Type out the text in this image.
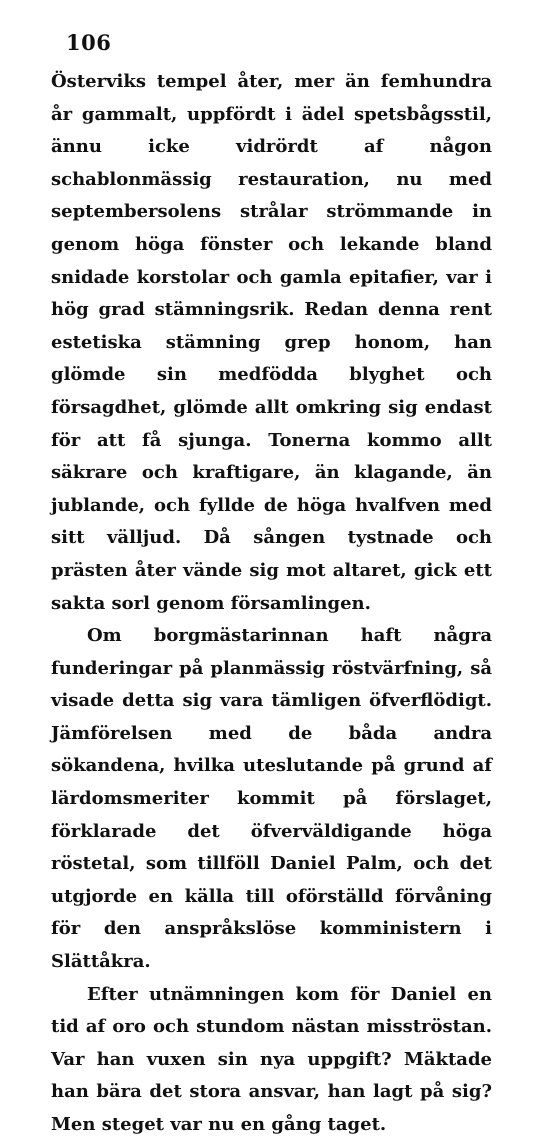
106

Österviks tempel åter, mer än femhundra år gammalt, uppfördt i ädel spetsbågsstil, ännu icke vidrördt af någon schablonmässig restauration, nu med septembersolens strålar strömmande in genom höga fönster och lekande bland snidade korstolar och gamla epitafier, var i hög grad stämningsrik. Redan denna rent estetiska stämning grep honom, han glömde sin medfödda blyghet och försagdhet, glömde allt omkring sig endast för att få sjunga. Tonerna kommo allt säkrare och kraftigare, än klagande, än jublande, och fyllde de höga hvalfven med sitt välljud. Då sången tystnade och prästen åter vände sig mot altaret, gick ett sakta sorl genom församlingen.

Om borgmästarinnan haft några funderingar på planmässig röstvärfning, så visade detta sig vara tämligen öfverflödigt. Jämförelsen med de båda andra sökandena, hvilka uteslutande på grund af lärdomsmeriter kommit på förslaget, förklarade det öfverväldigande höga röstetal, som tillföll Daniel Palm, och det utgjorde en källa till oförställd förvåning för den anspråkslöse komministern i Slättåkra.

Efter utnämningen kom för Daniel en tid af oro och stundom nästan misströstan. Var han vuxen sin nya uppgift? Mäktade han bära det stora ansvar, han lagt på sig? Men steget var nu en gång taget.
